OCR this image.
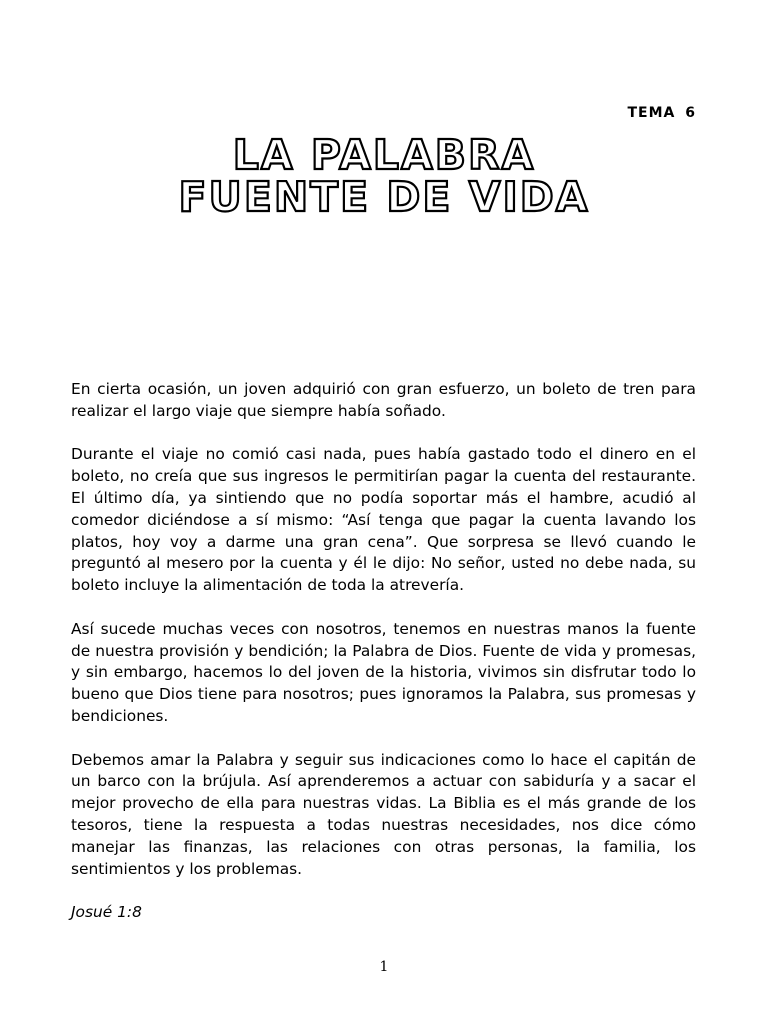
TEMA 6
LA PALABRA
FUENTE DE VIDA

En cierta ocasión, un joven adquirió con gran esfuerzo, un boleto de tren para realizar el largo viaje que siempre había soñado.

Durante el viaje no comió casi nada, pues había gastado todo el dinero en el boleto, no creía que sus ingresos le permitirían pagar la cuenta del restaurante. El último día, ya sintiendo que no podía soportar más el hambre, acudió al comedor diciéndose a sí mismo: “Así tenga que pagar la cuenta lavando los platos, hoy voy a darme una gran cena”. Que sorpresa se llevó cuando le preguntó al mesero por la cuenta y él le dijo: No señor, usted no debe nada, su boleto incluye la alimentación de toda la atrevería.

Así sucede muchas veces con nosotros, tenemos en nuestras manos la fuente de nuestra provisión y bendición; la Palabra de Dios. Fuente de vida y promesas, y sin embargo, hacemos lo del joven de la historia, vivimos sin disfrutar todo lo bueno que Dios tiene para nosotros; pues ignoramos la Palabra, sus promesas y bendiciones.

Debemos amar la Palabra y seguir sus indicaciones como lo hace el capitán de un barco con la brújula. Así aprenderemos a actuar con sabiduría y a sacar el mejor provecho de ella para nuestras vidas. La Biblia es el más grande de los tesoros, tiene la respuesta a todas nuestras necesidades, nos dice cómo manejar las finanzas, las relaciones con otras personas, la familia, los sentimientos y los problemas.

Josué 1:8

1
